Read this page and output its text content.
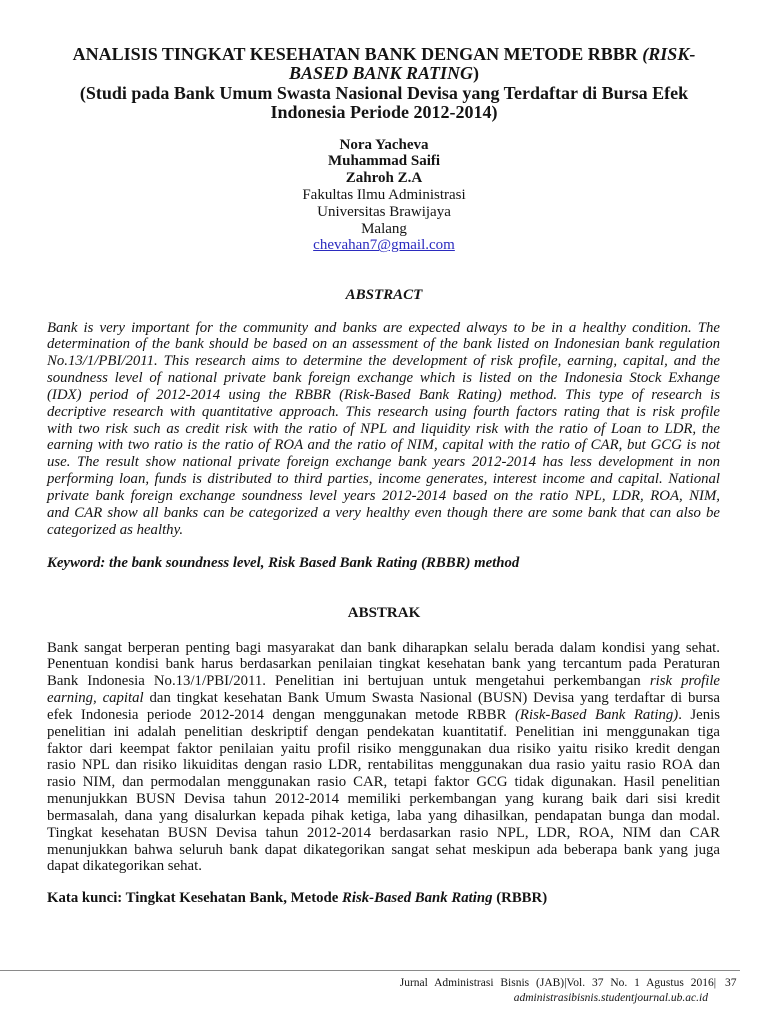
ANALISIS TINGKAT KESEHATAN BANK DENGAN METODE RBBR (RISK-
BASED BANK RATING)
(Studi pada Bank Umum Swasta Nasional Devisa yang Terdaftar di Bursa Efek
Indonesia Periode 2012-2014)
Nora Yacheva
Muhammad Saifi
Zahroh Z.A
Fakultas Ilmu Administrasi
Universitas Brawijaya
Malang
chevahan7@gmail.com
ABSTRACT
Bank is very important for the community and banks are expected always to be in a healthy condition. The
determination of the bank should be based on an assessment of the bank listed on Indonesian bank regulation
No.13/1/PBI/2011. This research aims to determine the development of risk profile, earning, capital, and the
soundness level of national private bank foreign exchange which is listed on the Indonesia Stock Exhange
(IDX) period of 2012-2014 using the RBBR (Risk-Based Bank Rating) method. This type of research is
decriptive research with quantitative approach. This research using fourth factors rating that is risk profile
with two risk such as credit risk with the ratio of NPL and liquidity risk with the ratio of Loan to LDR, the
earning with two ratio is the ratio of ROA and the ratio of NIM, capital with the ratio of CAR, but GCG is not
use. The result show national private foreign exchange bank years 2012-2014 has less development in non
performing loan, funds is distributed to third parties, income generates, interest income and capital. National
private bank foreign exchange soundness level years 2012-2014 based on the ratio NPL, LDR, ROA, NIM,
and CAR show all banks can be categorized a very healthy even though there are some bank that can also be
categorized as healthy.
Keyword: the bank soundness level, Risk Based Bank Rating (RBBR) method
ABSTRAK
Bank sangat berperan penting bagi masyarakat dan bank diharapkan selalu berada dalam kondisi yang sehat.
Penentuan kondisi bank harus berdasarkan penilaian tingkat kesehatan bank yang tercantum pada Peraturan
Bank Indonesia No.13/1/PBI/2011. Penelitian ini bertujuan untuk mengetahui perkembangan risk profile
earning, capital dan tingkat kesehatan Bank Umum Swasta Nasional (BUSN) Devisa yang terdaftar di bursa
efek Indonesia periode 2012-2014 dengan menggunakan metode RBBR (Risk-Based Bank Rating). Jenis
penelitian ini adalah penelitian deskriptif dengan pendekatan kuantitatif. Penelitian ini menggunakan tiga
faktor dari keempat faktor penilaian yaitu profil risiko menggunakan dua risiko yaitu risiko kredit dengan
rasio NPL dan risiko likuiditas dengan rasio LDR, rentabilitas menggunakan dua rasio yaitu rasio ROA dan
rasio NIM, dan permodalan menggunakan rasio CAR, tetapi faktor GCG tidak digunakan. Hasil penelitian
menunjukkan BUSN Devisa tahun 2012-2014 memiliki perkembangan yang kurang baik dari sisi kredit
bermasalah, dana yang disalurkan kepada pihak ketiga, laba yang dihasilkan, pendapatan bunga dan modal.
Tingkat kesehatan BUSN Devisa tahun 2012-2014 berdasarkan rasio NPL, LDR, ROA, NIM dan CAR
menunjukkan bahwa seluruh bank dapat dikategorikan sangat sehat meskipun ada beberapa bank yang juga
dapat dikategorikan sehat.
Kata kunci: Tingkat Kesehatan Bank, Metode Risk-Based Bank Rating (RBBR)
Jurnal Administrasi Bisnis (JAB)|Vol. 37 No. 1 Agustus 2016| 37
administrasibisnis.studentjournal.ub.ac.id
